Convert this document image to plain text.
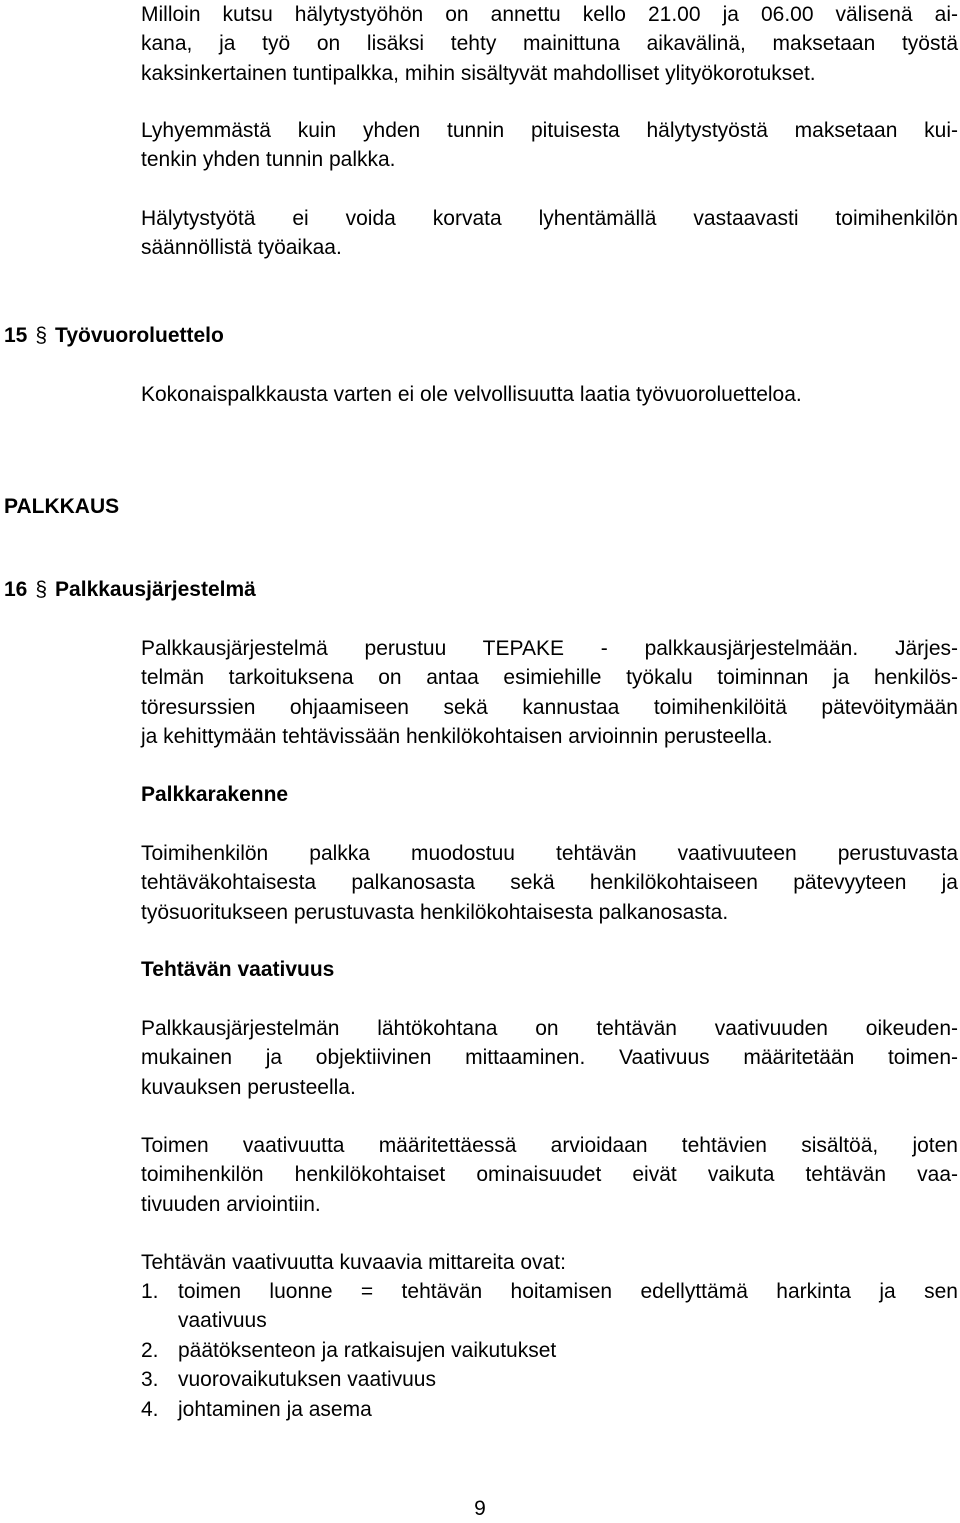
Milloin kutsu hälytystyöhön on annettu kello 21.00 ja 06.00 välisenä ai-
kana, ja työ on lisäksi tehty mainittuna aikavälinä, maksetaan työstä
kaksinkertainen tuntipalkka, mihin sisältyvät mahdolliset ylityökorotukset.
Lyhyemmästä kuin yhden tunnin pituisesta hälytystyöstä maksetaan kui-
tenkin yhden tunnin palkka.
Hälytystyötä ei voida korvata lyhentämällä vastaavasti toimihenkilön
säännöllistä työaikaa.
15 § Työvuoroluettelo
Kokonaispalkkausta varten ei ole velvollisuutta laatia työvuoroluetteloa.
PALKKAUS
16 § Palkkausjärjestelmä
Palkkausjärjestelmä perustuu TEPAKE - palkkausjärjestelmään. Järjes-
telmän tarkoituksena on antaa esimiehille työkalu toiminnan ja henkilös-
töresurssien ohjaamiseen sekä kannustaa toimihenkilöitä pätevöitymään
ja kehittymään tehtävissään henkilökohtaisen arvioinnin perusteella.
Palkkarakenne
Toimihenkilön palkka muodostuu tehtävän vaativuuteen perustuvasta
tehtäväkohtaisesta palkanosasta sekä henkilökohtaiseen pätevyyteen ja
työsuoritukseen perustuvasta henkilökohtaisesta palkanosasta.
Tehtävän vaativuus
Palkkausjärjestelmän lähtökohtana on tehtävän vaativuuden oikeuden-
mukainen ja objektiivinen mittaaminen. Vaativuus määritetään toimen-
kuvauksen perusteella.
Toimen vaativuutta määritettäessä arvioidaan tehtävien sisältöä, joten
toimihenkilön henkilökohtaiset ominaisuudet eivät vaikuta tehtävän vaa-
tivuuden arviointiin.
Tehtävän vaativuutta kuvaavia mittareita ovat:
1. toimen luonne = tehtävän hoitamisen edellyttämä harkinta ja sen
vaativuus
2. päätöksenteon ja ratkaisujen vaikutukset
3. vuorovaikutuksen vaativuus
4. johtaminen ja asema
9
